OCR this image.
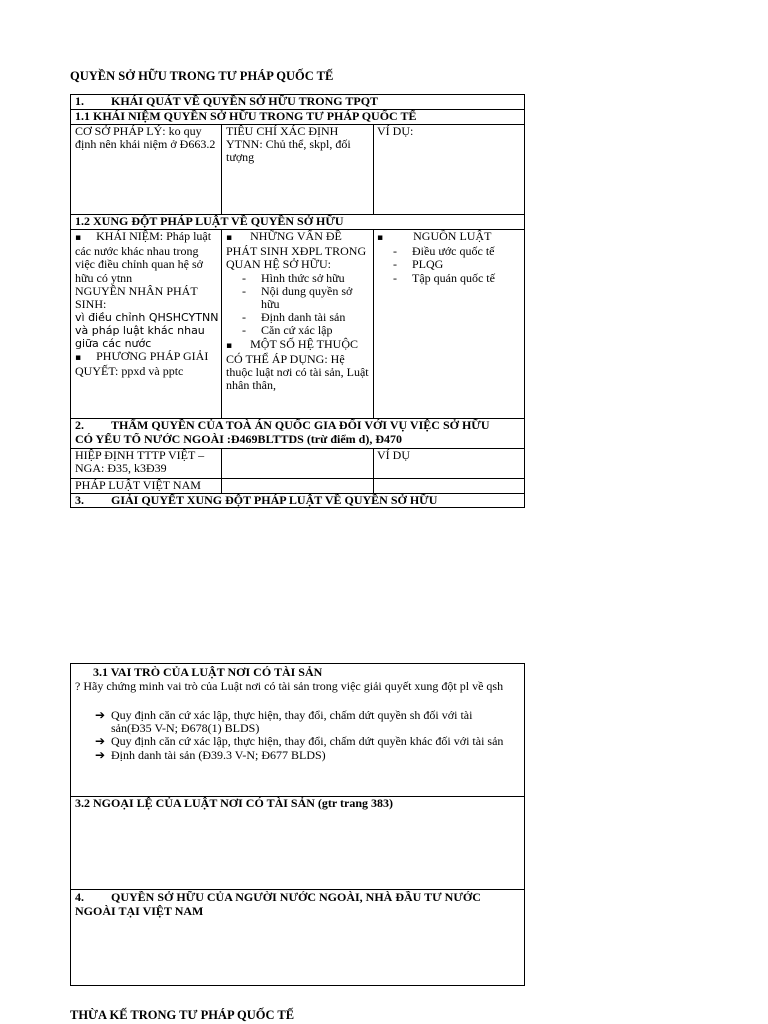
QUYỀN SỞ HỮU TRONG TƯ PHÁP QUỐC TẾ
1. KHÁI QUÁT VỀ QUYỀN SỞ HỮU TRONG TPQT
1.1 KHÁI NIỆM QUYỀN SỞ HỮU TRONG TƯ PHÁP QUỐC TẾ
CƠ SỞ PHÁP LÝ: ko quy định nên khái niệm ở Đ663.2
TIÊU CHÍ XÁC ĐỊNH YTNN: Chủ thể, skpl, đối tượng
VÍ DỤ:
1.2 XUNG ĐỘT PHÁP LUẬT VỀ QUYỀN SỞ HỮU
▪ KHÁI NIỆM: Pháp luật các nước khác nhau trong việc điều chỉnh quan hệ sở hữu có ytnn
NGUYÊN NHÂN PHÁT SINH:
vì điều chỉnh QHSHCYTNN và pháp luật khác nhau giữa các nước
▪ PHƯƠNG PHÁP GIẢI QUYẾT: ppxd và pptc
▪ NHỮNG VẤN ĐỀ PHÁT SINH XĐPL TRONG QUAN HỆ SỞ HỮU:
- Hình thức sở hữu
- Nội dung quyền sở hữu
- Định danh tài sản
- Căn cứ xác lập
▪ MỘT SỐ HỆ THUỘC CÓ THỂ ÁP DỤNG: Hệ thuộc luật nơi có tài sản, Luật nhân thân,
▪	NGUỒN LUẬT
- Điều ước quốc tế
- PLQG
- Tập quán quốc tế
2. THẨM QUYỀN CỦA TOÀ ÁN QUỐC GIA ĐỐI VỚI VỤ VIỆC SỞ HỮU
CÓ YẾU TỐ NƯỚC NGOÀI :Đ469BLTTDS (trừ điểm d), Đ470
HIỆP ĐỊNH TTTP VIỆT – NGA: Đ35, k3Đ39
VÍ DỤ
PHÁP LUẬT VIỆT NAM
3. GIẢI QUYẾT XUNG ĐỘT PHÁP LUẬT VỀ QUYỀN SỞ HỮU
3.1 VAI TRÒ CỦA LUẬT NƠI CÓ TÀI SẢN
? Hãy chứng minh vai trò của Luật nơi có tài sản trong việc giải quyết xung đột pl về qsh
➔ Quy định căn cứ xác lập, thực hiện, thay đổi, chấm dứt quyền sh đối với tài sản(Đ35 V-N; Đ678(1) BLDS)
➔ Quy định căn cứ xác lập, thực hiện, thay đổi, chấm dứt quyền khác đối với tài sản
➔ Định danh tài sản (Đ39.3 V-N; Đ677 BLDS)
3.2 NGOẠI LỆ CỦA LUẬT NƠI CÓ TÀI SẢN (gtr trang 383)
4. QUYỀN SỞ HỮU CỦA NGƯỜI NƯỚC NGOÀI, NHÀ ĐẦU TƯ NƯỚC
NGOÀI TẠI VIỆT NAM
THỪA KẾ TRONG TƯ PHÁP QUỐC TẾ
